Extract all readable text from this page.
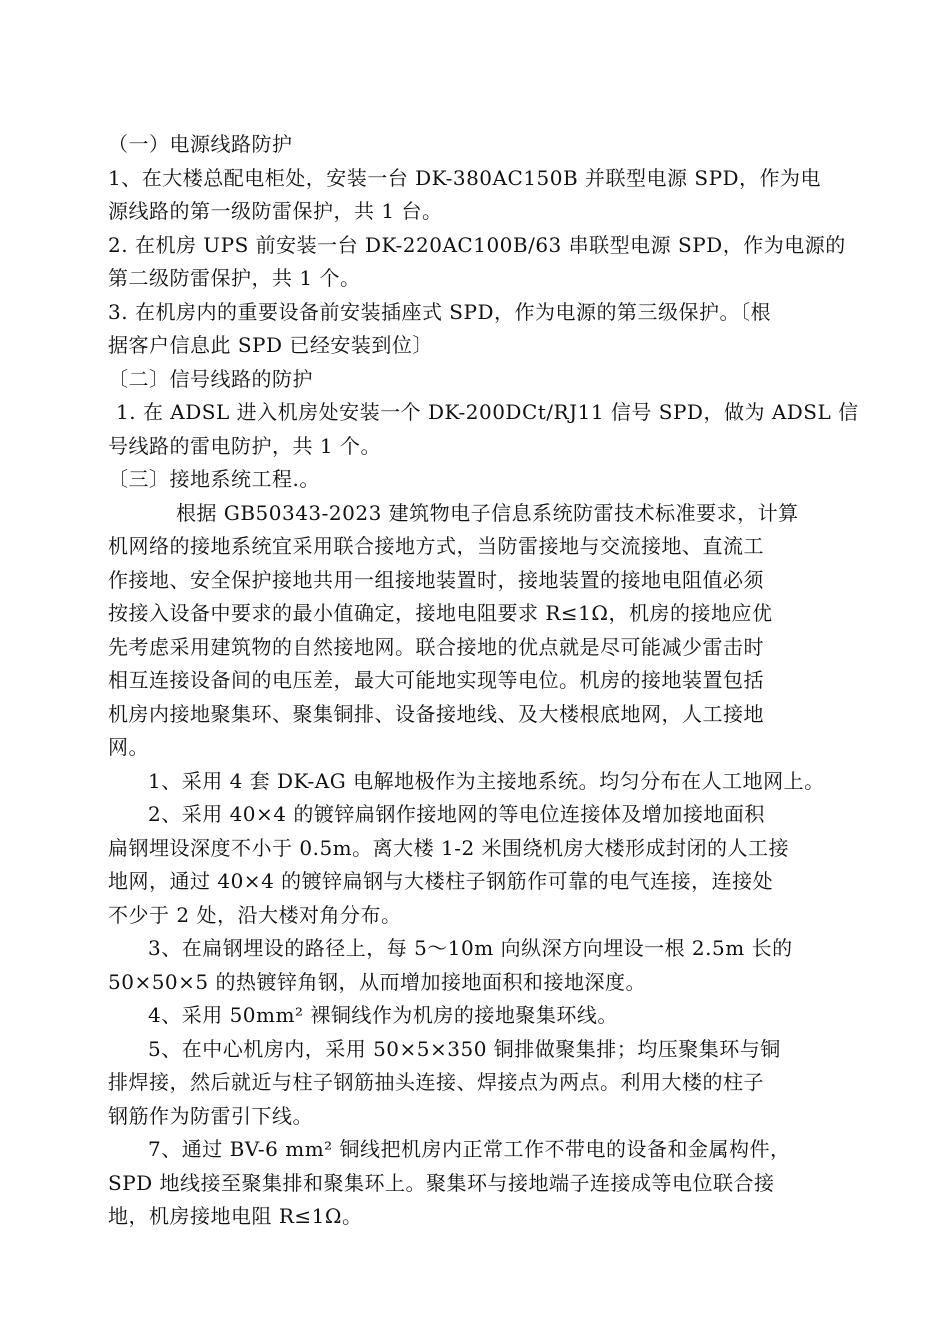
（一）电源线路防护
1、在大楼总配电柜处，安装一台 DK-380AC150B 并联型电源 SPD，作为电
源线路的第一级防雷保护，共 1 台。
2. 在机房 UPS 前安装一台 DK-220AC100B/63 串联型电源 SPD，作为电源的
第二级防雷保护，共 1 个。
3. 在机房内的重要设备前安装插座式 SPD，作为电源的第三级保护。〔根
据客户信息此 SPD 已经安装到位〕
〔二〕信号线路的防护
1. 在 ADSL 进入机房处安装一个 DK-200DCt/RJ11 信号 SPD，做为 ADSL 信
号线路的雷电防护，共 1 个。
〔三〕接地系统工程.。
根据 GB50343-2023 建筑物电子信息系统防雷技术标准要求，计算
机网络的接地系统宜采用联合接地方式，当防雷接地与交流接地、直流工
作接地、安全保护接地共用一组接地装置时，接地装置的接地电阻值必须
按接入设备中要求的最小值确定，接地电阻要求 R≤1Ω，机房的接地应优
先考虑采用建筑物的自然接地网。联合接地的优点就是尽可能减少雷击时
相互连接设备间的电压差，最大可能地实现等电位。机房的接地装置包括
机房内接地聚集环、聚集铜排、设备接地线、及大楼根底地网，人工接地
网。
1、采用 4 套 DK-AG 电解地极作为主接地系统。均匀分布在人工地网上。
2、采用 40×4 的镀锌扁钢作接地网的等电位连接体及增加接地面积
扁钢埋设深度不小于 0.5m。离大楼 1-2 米围绕机房大楼形成封闭的人工接
地网，通过 40×4 的镀锌扁钢与大楼柱子钢筋作可靠的电气连接，连接处
不少于 2 处，沿大楼对角分布。
3、在扁钢埋设的路径上，每 5～10m 向纵深方向埋设一根 2.5m 长的
50×50×5 的热镀锌角钢，从而增加接地面积和接地深度。
4、采用 50mm² 裸铜线作为机房的接地聚集环线。
5、在中心机房内，采用 50×5×350 铜排做聚集排；均压聚集环与铜
排焊接，然后就近与柱子钢筋抽头连接、焊接点为两点。利用大楼的柱子
钢筋作为防雷引下线。
7、通过 BV-6 mm² 铜线把机房内正常工作不带电的设备和金属构件，
SPD 地线接至聚集排和聚集环上。聚集环与接地端子连接成等电位联合接
地，机房接地电阻 R≤1Ω。
